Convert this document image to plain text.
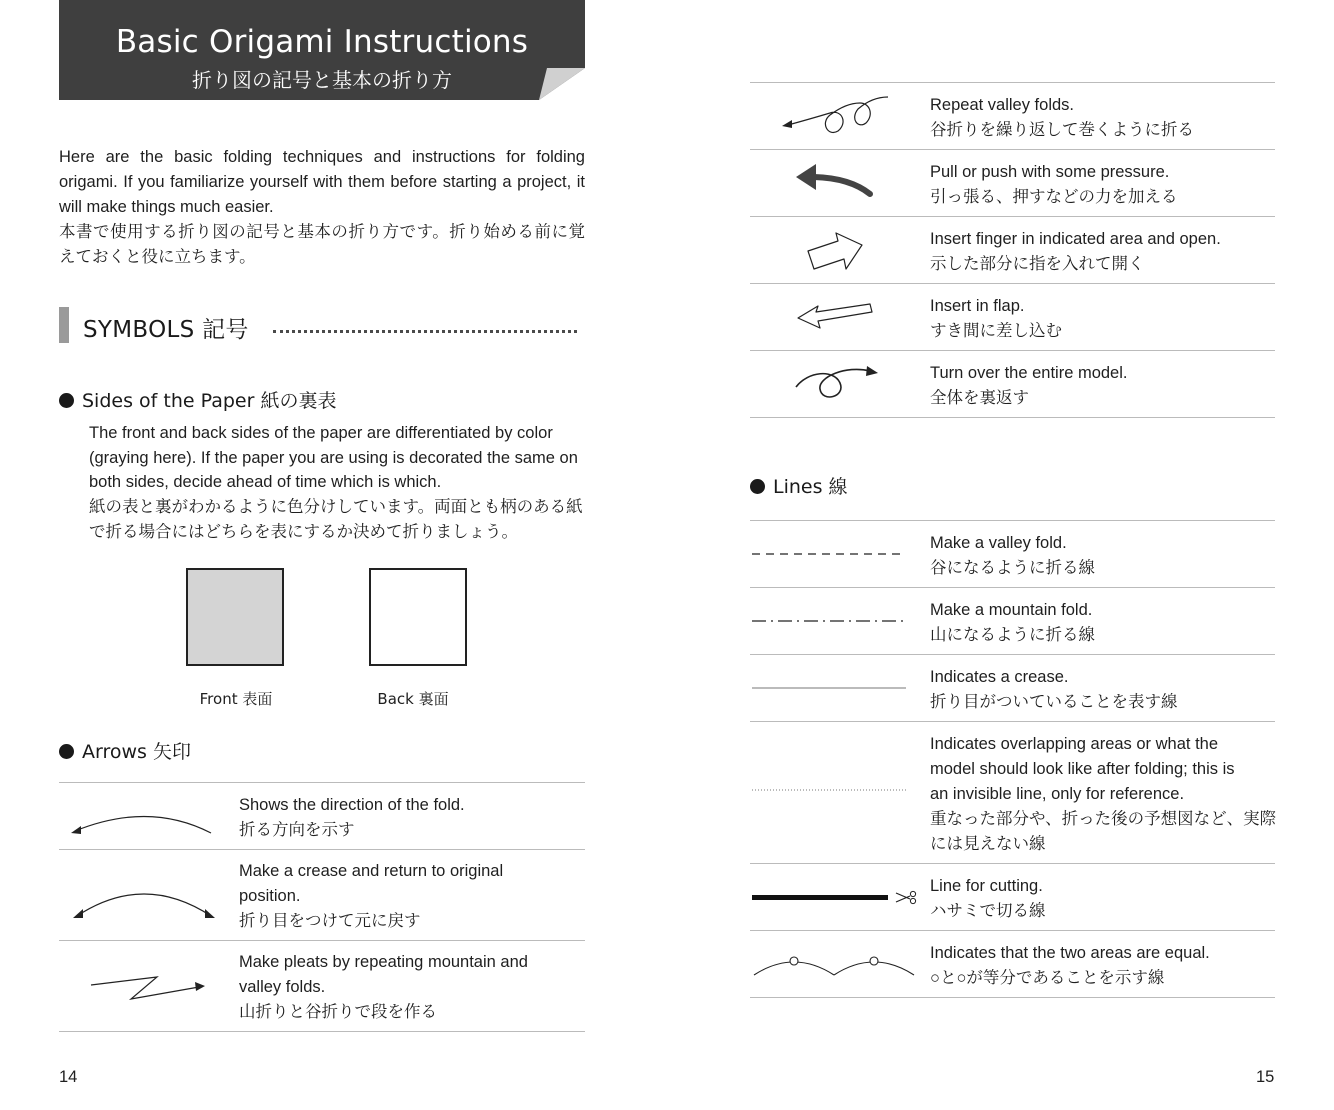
Basic Origami Instructions
折り図の記号と基本の折り方

Here are the basic folding techniques and instructions for folding origami. If you familiarize yourself with them before starting a project, it will make things much easier.

本書で使用する折り図の記号と基本の折り方です。折り始める前に覚えておくと役に立ちます。

SYMBOLS 記号
Sides of the Paper 紙の裏表

The front and back sides of the paper are differentiated by color (graying here). If the paper you are using is decorated the same on both sides, decide ahead of time which is which.

紙の表と裏がわかるように色分けしています。両面とも柄のある紙で折る場合にはどちらを表にするか決めて折りましょう。

Front 表面	Back 裏面
Arrows 矢印
Shows the direction of the fold.
折る方向を示す
Make a crease and return to original
position.
折り目をつけて元に戻す
Make pleats by repeating mountain and
valley folds.
山折りと谷折りで段を作る
14
Repeat valley folds.
谷折りを繰り返して巻くように折る
Pull or push with some pressure.
引っ張る、押すなどの力を加える
Insert finger in indicated area and open.
示した部分に指を入れて開く
Insert in flap.
すき間に差し込む
Turn over the entire model.
全体を裏返す
Lines 線
Make a valley fold.
谷になるように折る線
Make a mountain fold.
山になるように折る線
Indicates a crease.
折り目がついていることを表す線
Indicates overlapping areas or what the
model should look like after folding; this is
an invisible line, only for reference.
重なった部分や、折った後の予想図など、実際
には見えない線
Line for cutting.
ハサミで切る線
Indicates that the two areas are equal.
○と○が等分であることを示す線
15
